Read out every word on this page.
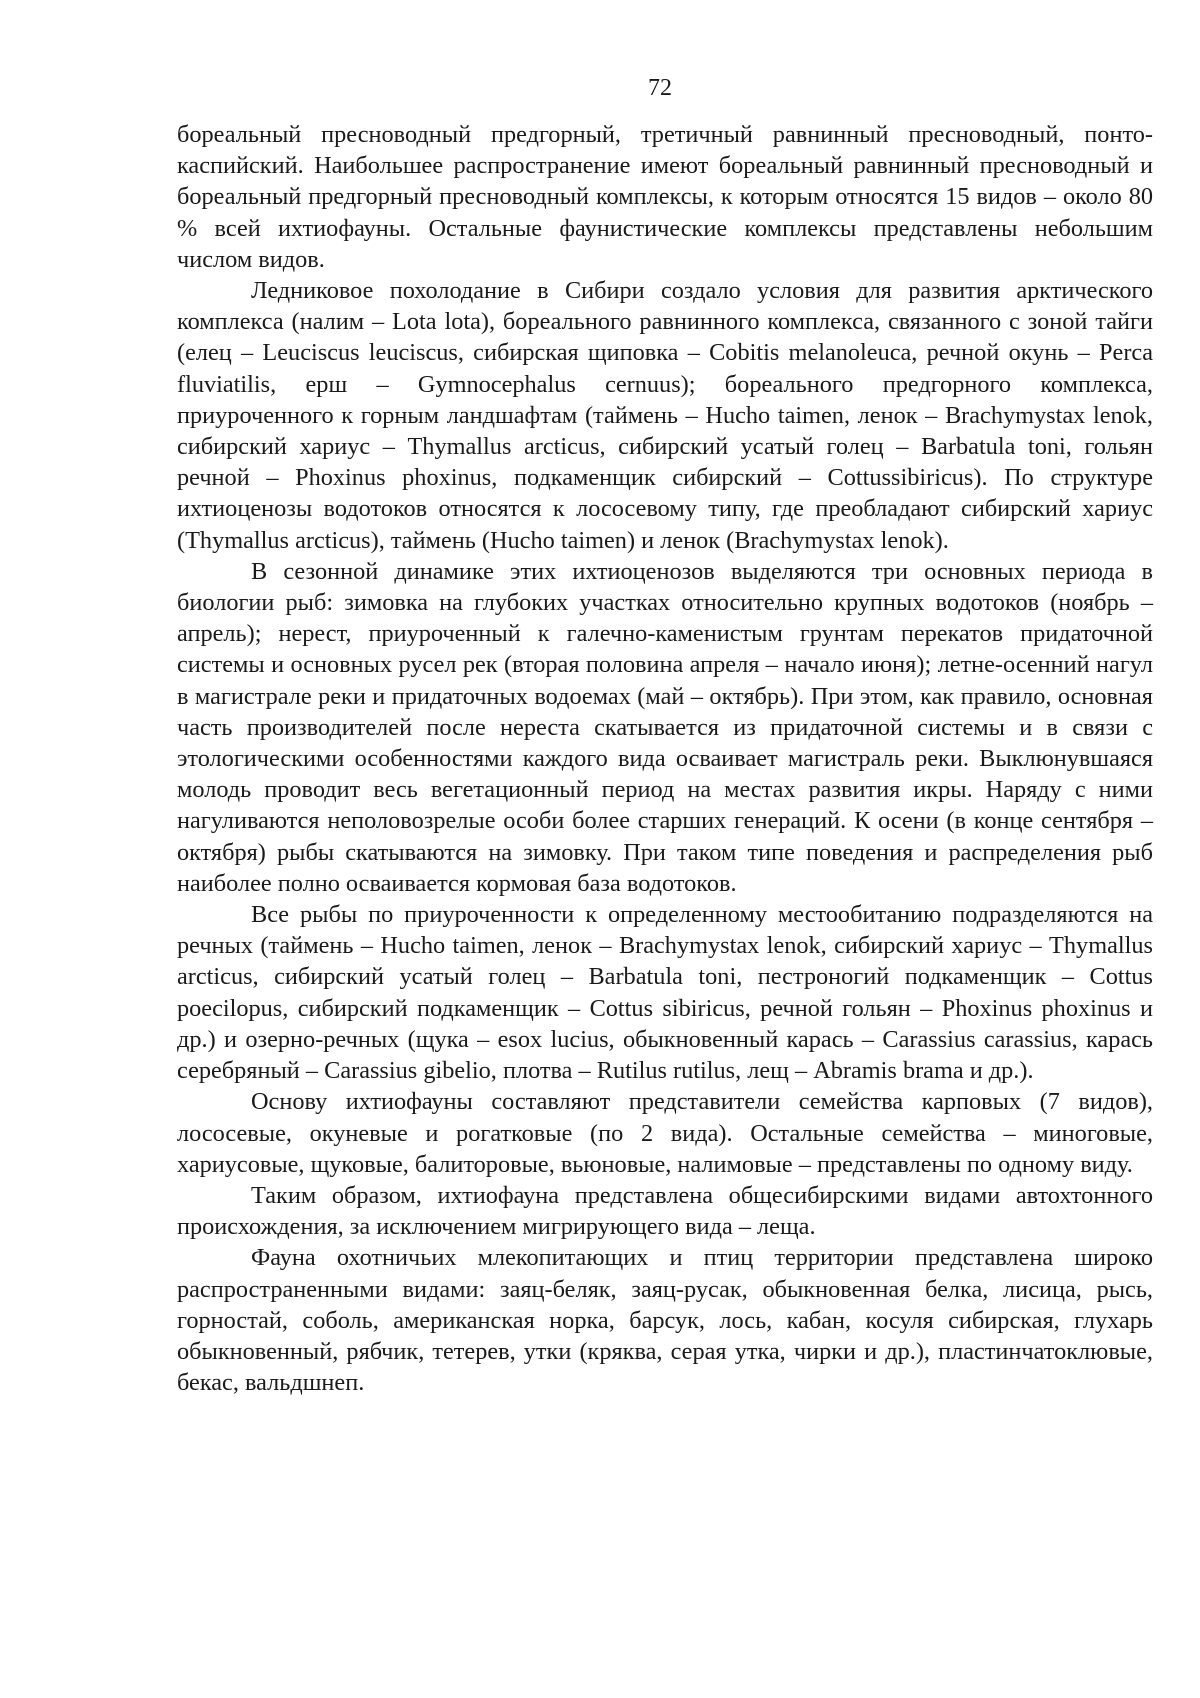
72

бореальный пресноводный предгорный, третичный равнинный пресноводный, понто-каспийский. Наибольшее распространение имеют бореальный равнинный пресноводный и бореальный предгорный пресноводный комплексы, к которым относятся 15 видов – около 80 % всей ихтиофауны. Остальные фаунистические комплексы представлены небольшим числом видов.

Ледниковое похолодание в Сибири создало условия для развития арктического комплекса (налим – Lota lota), бореального равнинного комплекса, связанного с зоной тайги (елец – Leuciscus leuciscus, сибирская щиповка – Cobitis melanoleuca, речной окунь – Perca fluviatilis, ерш – Gymnocephalus cernuus); бореального предгорного комплекса, приуроченного к горным ландшафтам (таймень – Hucho taimen, ленок – Brachymystax lenok, сибирский хариус – Thymallus arcticus, сибирский усатый голец – Barbatula toni, гольян речной – Phoxinus phoxinus, подкаменщик сибирский – Cottussibiricus). По структуре ихтиоценозы водотоков относятся к лососевому типу, где преобладают сибирский хариус (Thymallus arcticus), таймень (Hucho taimen) и ленок (Brachymystax lenok).

В сезонной динамике этих ихтиоценозов выделяются три основных периода в биологии рыб: зимовка на глубоких участках относительно крупных водотоков (ноябрь – апрель); нерест, приуроченный к галечно-каменистым грунтам перекатов придаточной системы и основных русел рек (вторая половина апреля – начало июня); летне-осенний нагул в магистрале реки и придаточных водоемах (май – октябрь). При этом, как правило, основная часть производителей после нереста скатывается из придаточной системы и в связи с этологическими особенностями каждого вида осваивает магистраль реки. Выклюнувшаяся молодь проводит весь вегетационный период на местах развития икры. Наряду с ними нагуливаются неполовозрелые особи более старших генераций. К осени (в конце сентября – октября) рыбы скатываются на зимовку. При таком типе поведения и распределения рыб наиболее полно осваивается кормовая база водотоков.

Все рыбы по приуроченности к определенному местообитанию подразделяются на речных (таймень – Hucho taimen, ленок – Brachymystax lenok, сибирский хариус – Thymallus arcticus, сибирский усатый голец – Barbatula toni, пестроногий подкаменщик – Cottus poecilopus, сибирский подкаменщик – Cottus sibiricus, речной гольян – Phoxinus phoxinus и др.) и озерно-речных (щука – esox lucius, обыкновенный карась – Carassius carassius, карась серебряный – Carassius gibelio, плотва – Rutilus rutilus, лещ – Abramis brama и др.).

Основу ихтиофауны составляют представители семейства карповых (7 видов), лососевые, окуневые и рогатковые (по 2 вида). Остальные семейства – миноговые, хариусовые, щуковые, балиторовые, вьюновые, налимовые – представлены по одному виду.

Таким образом, ихтиофауна представлена общесибирскими видами автохтонного происхождения, за исключением мигрирующего вида – леща.

Фауна охотничьих млекопитающих и птиц территории представлена широко распространенными видами: заяц-беляк, заяц-русак, обыкновенная белка, лисица, рысь, горностай, соболь, американская норка, барсук, лось, кабан, косуля сибирская, глухарь обыкновенный, рябчик, тетерев, утки (кряква, серая утка, чирки и др.), пластинчатоклювые, бекас, вальдшнеп.
